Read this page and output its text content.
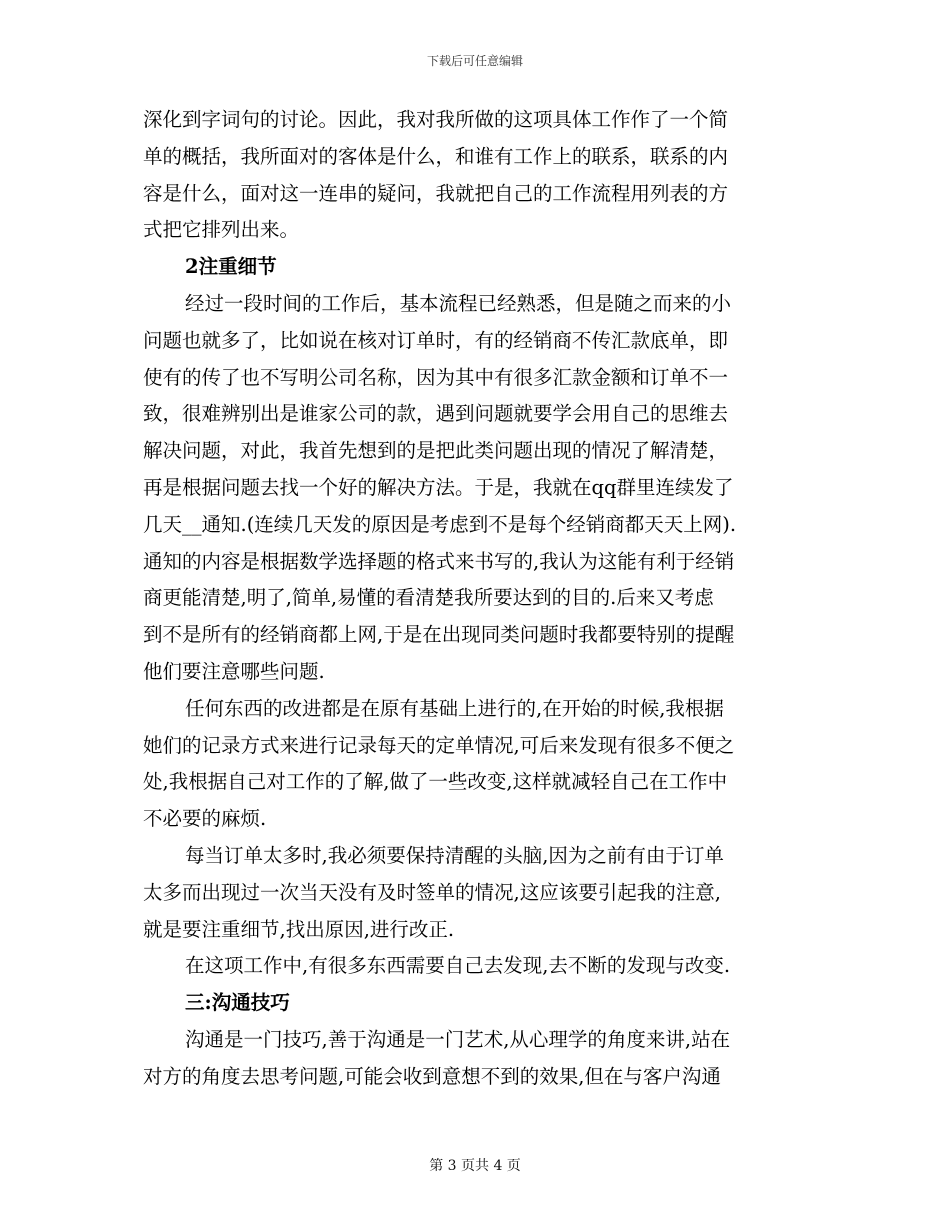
下载后可任意编辑
深化到字词句的讨论。因此，我对我所做的这项具体工作作了一个简
单的概括，我所面对的客体是什么，和谁有工作上的联系，联系的内
容是什么，面对这一连串的疑问，我就把自己的工作流程用列表的方
式把它排列出来。
2注重细节
经过一段时间的工作后，基本流程已经熟悉，但是随之而来的小
问题也就多了，比如说在核对订单时，有的经销商不传汇款底单，即
使有的传了也不写明公司名称，因为其中有很多汇款金额和订单不一
致，很难辨别出是谁家公司的款，遇到问题就要学会用自己的思维去
解决问题，对此，我首先想到的是把此类问题出现的情况了解清楚，
再是根据问题去找一个好的解决方法。于是，我就在qq群里连续发了
几天__通知.(连续几天发的原因是考虑到不是每个经销商都天天上网).
通知的内容是根据数学选择题的格式来书写的,我认为这能有利于经销
商更能清楚,明了,简单,易懂的看清楚我所要达到的目的.后来又考虑
到不是所有的经销商都上网,于是在出现同类问题时我都要特别的提醒
他们要注意哪些问题.
任何东西的改进都是在原有基础上进行的,在开始的时候,我根据
她们的记录方式来进行记录每天的定单情况,可后来发现有很多不便之
处,我根据自己对工作的了解,做了一些改变,这样就减轻自己在工作中
不必要的麻烦.
每当订单太多时,我必须要保持清醒的头脑,因为之前有由于订单
太多而出现过一次当天没有及时签单的情况,这应该要引起我的注意,
就是要注重细节,找出原因,进行改正.
在这项工作中,有很多东西需要自己去发现,去不断的发现与改变.
三:沟通技巧
沟通是一门技巧,善于沟通是一门艺术,从心理学的角度来讲,站在
对方的角度去思考问题,可能会收到意想不到的效果,但在与客户沟通
第 3 页共 4 页
